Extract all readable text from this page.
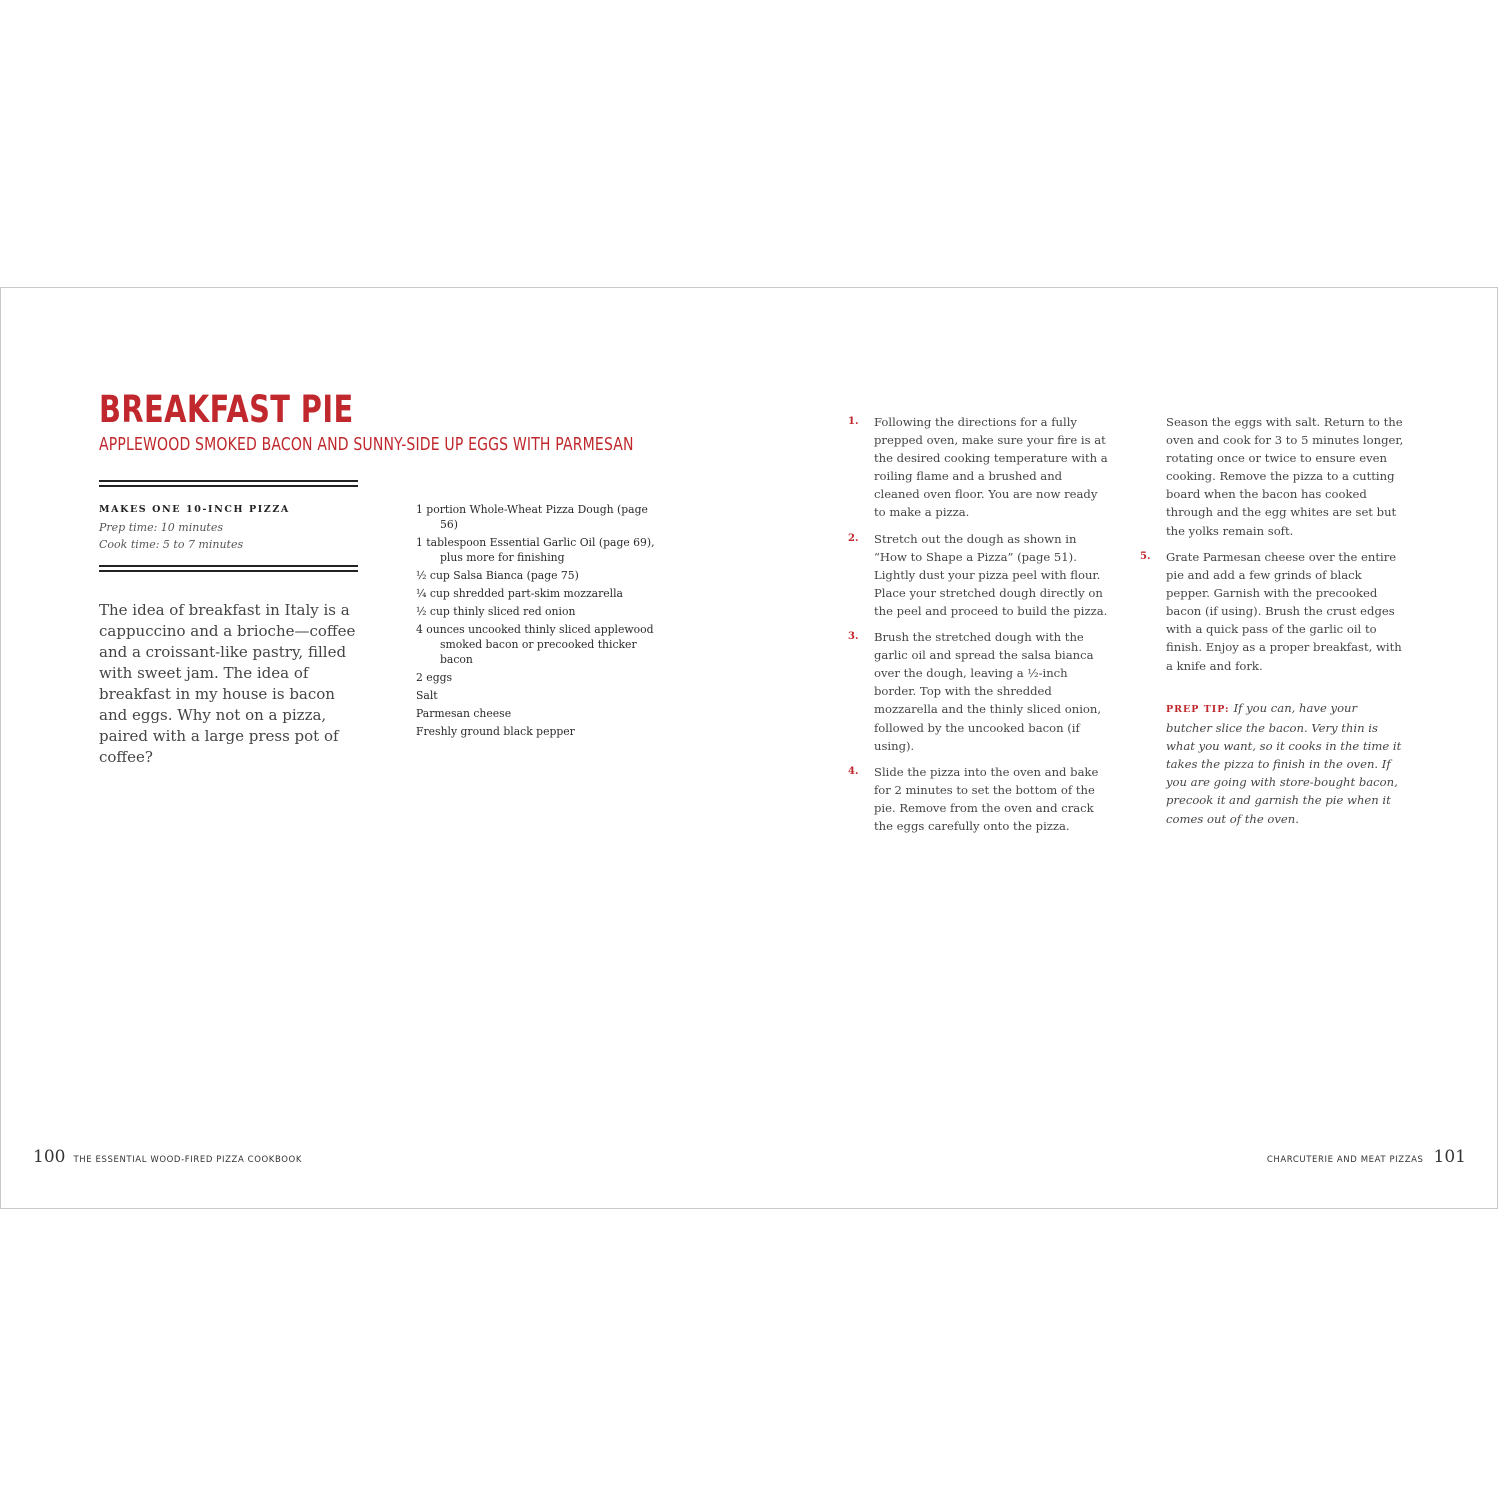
BREAKFAST PIE
APPLEWOOD SMOKED BACON AND SUNNY-SIDE UP EGGS WITH PARMESAN
MAKES ONE 10-INCH PIZZA
Prep time: 10 minutes
Cook time: 5 to 7 minutes

The idea of breakfast in Italy is a cappuccino and a brioche—coffee and a croissant-like pastry, filled with sweet jam. The idea of breakfast in my house is bacon and eggs. Why not on a pizza, paired with a large press pot of coffee?

1 portion Whole-Wheat Pizza Dough (page 56)
1 tablespoon Essential Garlic Oil (page 69), plus more for finishing
½ cup Salsa Bianca (page 75)
¼ cup shredded part-skim mozzarella
½ cup thinly sliced red onion
4 ounces uncooked thinly sliced applewood smoked bacon or precooked thicker bacon
2 eggs
Salt
Parmesan cheese
Freshly ground black pepper
1. Following the directions for a fully prepped oven, make sure your fire is at the desired cooking temperature with a roiling flame and a brushed and cleaned oven floor. You are now ready to make a pizza.
2. Stretch out the dough as shown in “How to Shape a Pizza” (page 51). Lightly dust your pizza peel with flour. Place your stretched dough directly on the peel and proceed to build the pizza.
3. Brush the stretched dough with the garlic oil and spread the salsa bianca over the dough, leaving a ½-inch border. Top with the shredded mozzarella and the thinly sliced onion, followed by the uncooked bacon (if using).
4. Slide the pizza into the oven and bake for 2 minutes to set the bottom of the pie. Remove from the oven and crack the eggs carefully onto the pizza.

Season the eggs with salt. Return to the oven and cook for 3 to 5 minutes longer, rotating once or twice to ensure even cooking. Remove the pizza to a cutting board when the bacon has cooked through and the egg whites are set but the yolks remain soft.

5. Grate Parmesan cheese over the entire pie and add a few grinds of black pepper. Garnish with the precooked bacon (if using). Brush the crust edges with a quick pass of the garlic oil to finish. Enjoy as a proper breakfast, with a knife and fork.

PREP TIP: If you can, have your butcher slice the bacon. Very thin is what you want, so it cooks in the time it takes the pizza to finish in the oven. If you are going with store-bought bacon, precook it and garnish the pie when it comes out of the oven.

100 THE ESSENTIAL WOOD-FIRED PIZZA COOKBOOK	CHARCUTERIE AND MEAT PIZZAS 101
